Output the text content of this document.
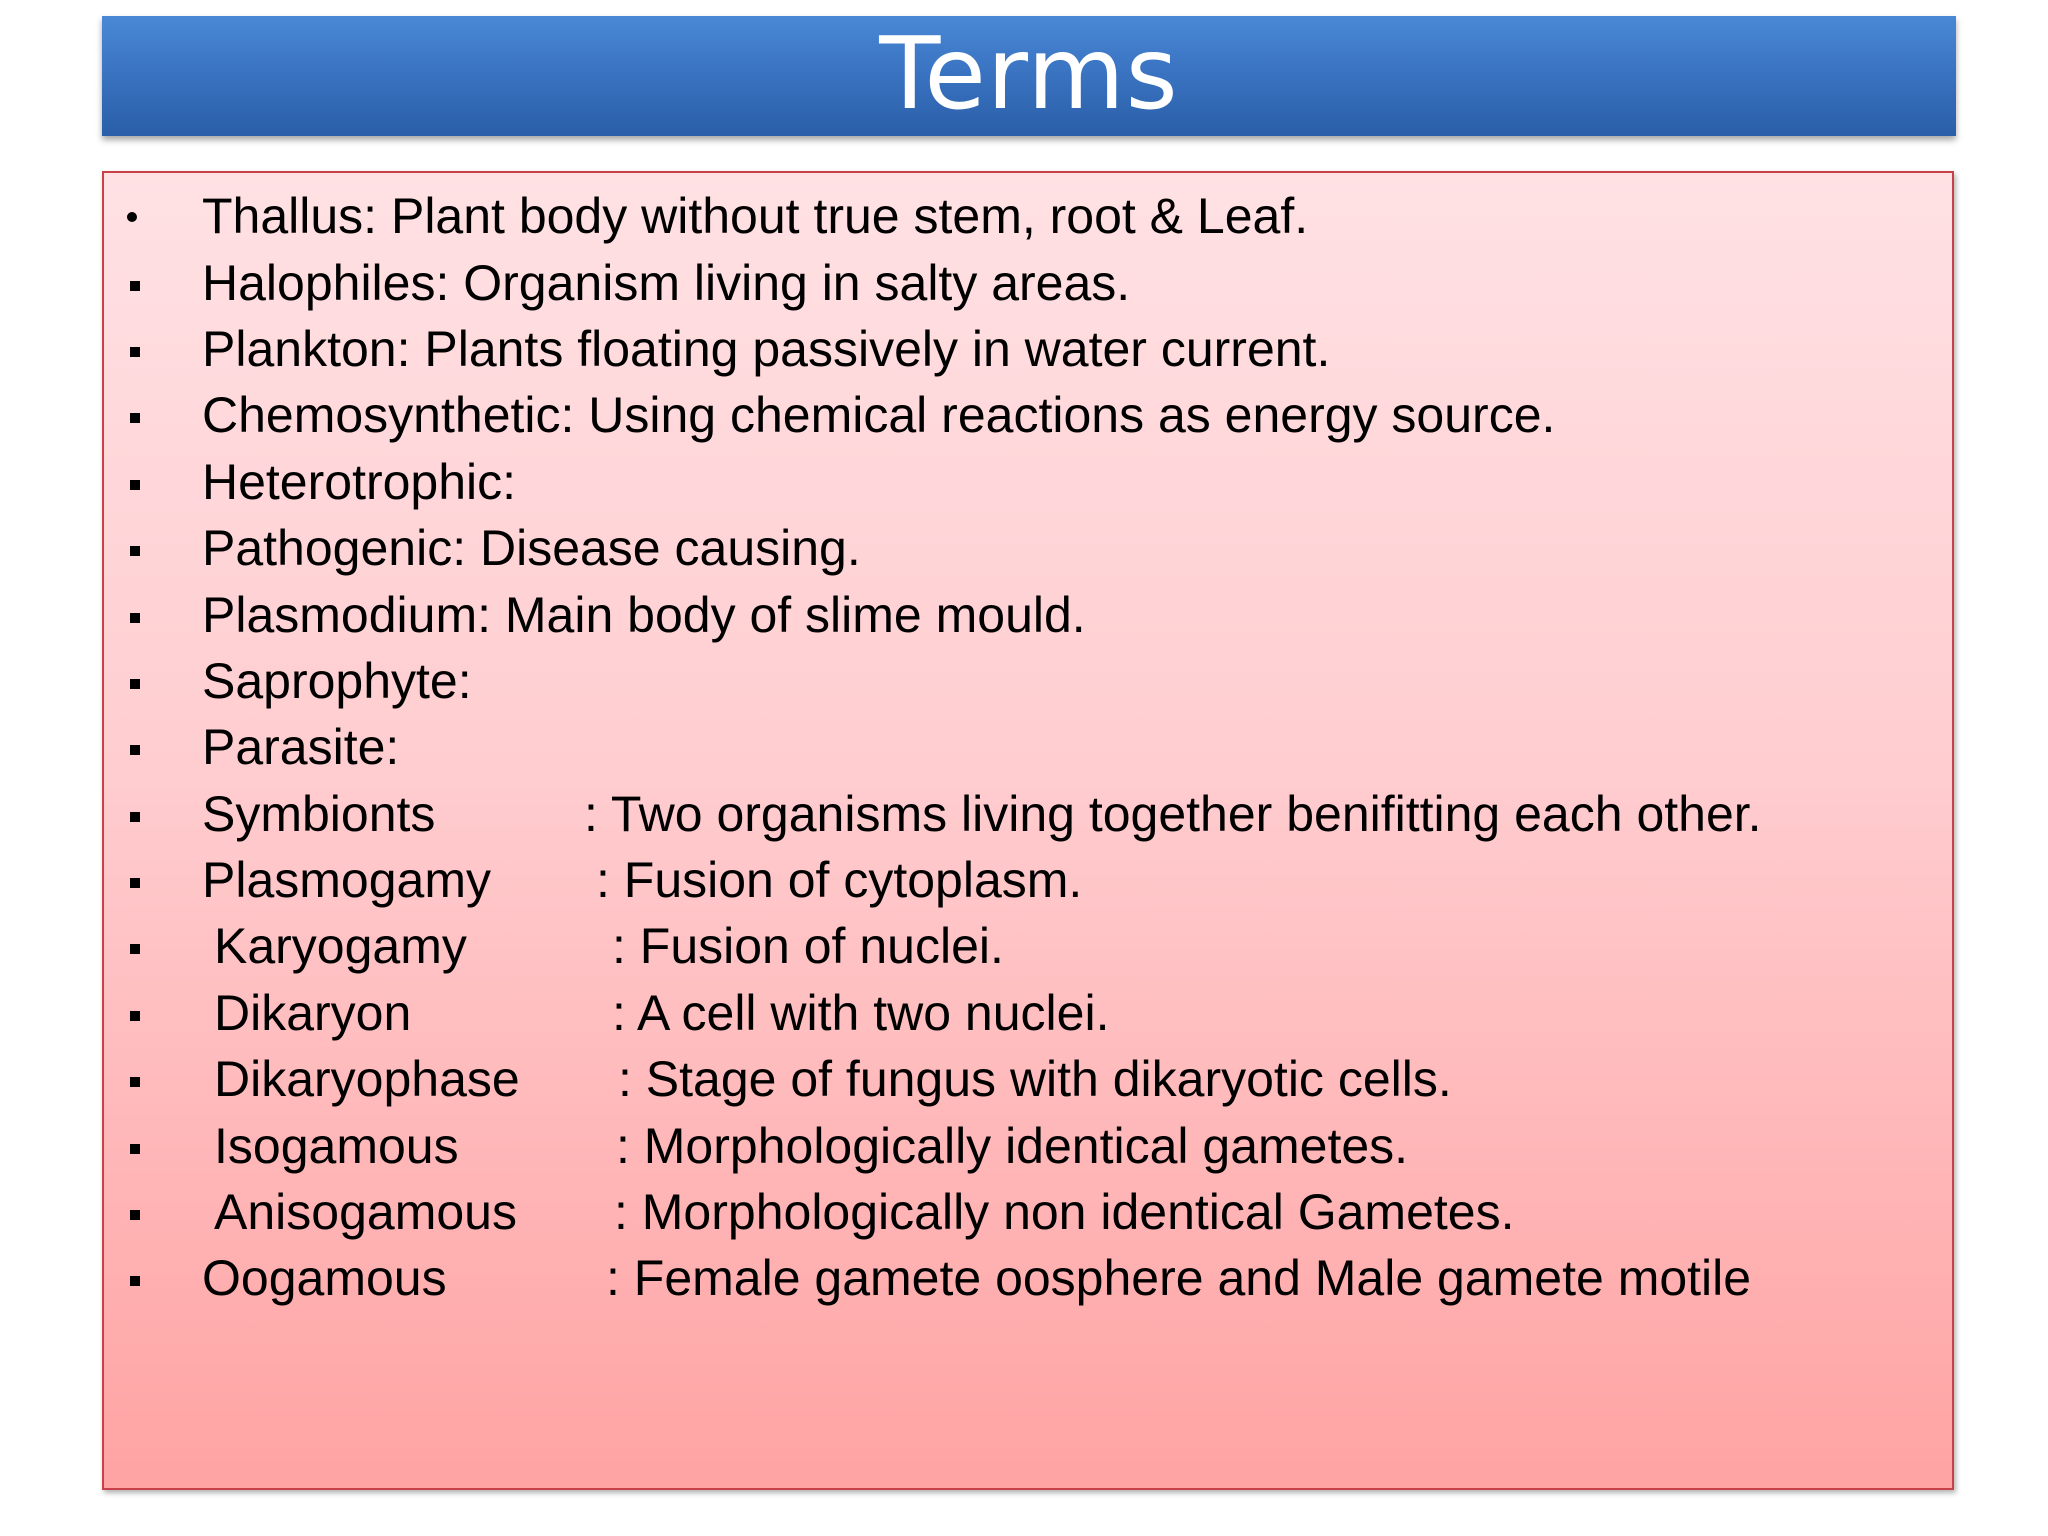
Terms
Thallus: Plant body without true stem, root & Leaf.
Halophiles: Organism living in salty areas.
Plankton: Plants floating passively in water current.
Chemosynthetic: Using chemical reactions as energy source.
Heterotrophic:
Pathogenic: Disease causing.
Plasmodium: Main body of slime mould.
Saprophyte:
Parasite:
Symbionts	: Two organisms living together benifitting each other.
Plasmogamy : Fusion of cytoplasm.
Karyogamy	: Fusion of nuclei.
Dikaryon	: A cell with two nuclei.
Dikaryophase : Stage of fungus with dikaryotic cells.
Isogamous	: Morphologically identical gametes.
Anisogamous : Morphologically non identical Gametes.
Oogamous	: Female gamete oosphere and Male gamete motile
